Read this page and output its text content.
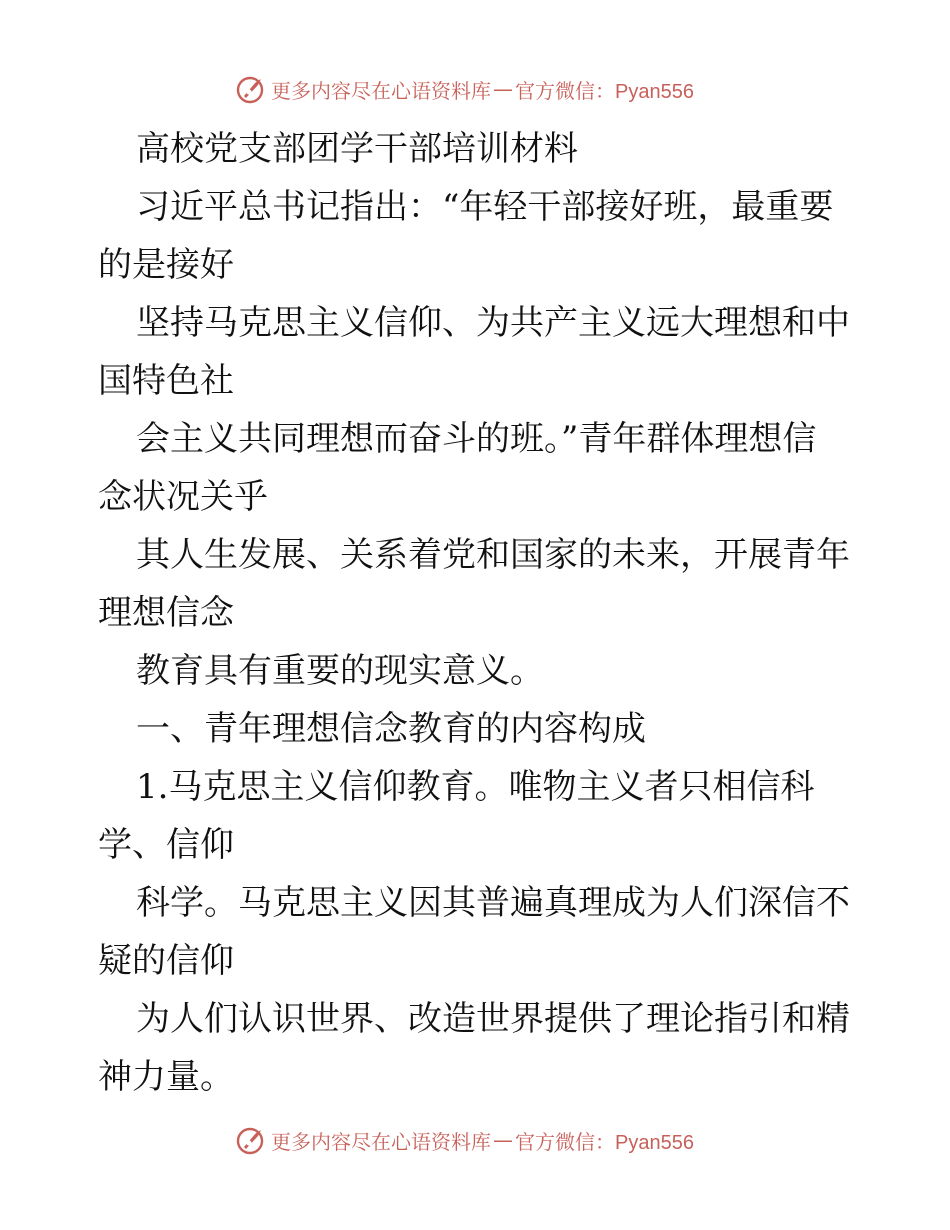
更多内容尽在心语资料库 — 官方微信：Pyan556
高校党支部团学干部培训材料
习近平总书记指出：“年轻干部接好班，最重要
的是接好
坚持马克思主义信仰、为共产主义远大理想和中
国特色社
会主义共同理想而奋斗的班。”青年群体理想信
念状况关乎
其人生发展、关系着党和国家的未来，开展青年
理想信念
教育具有重要的现实意义。
一、青年理想信念教育的内容构成
1.马克思主义信仰教育。唯物主义者只相信科
学、信仰
科学。马克思主义因其普遍真理成为人们深信不
疑的信仰
为人们认识世界、改造世界提供了理论指引和精
神力量。
更多内容尽在心语资料库 — 官方微信：Pyan556
